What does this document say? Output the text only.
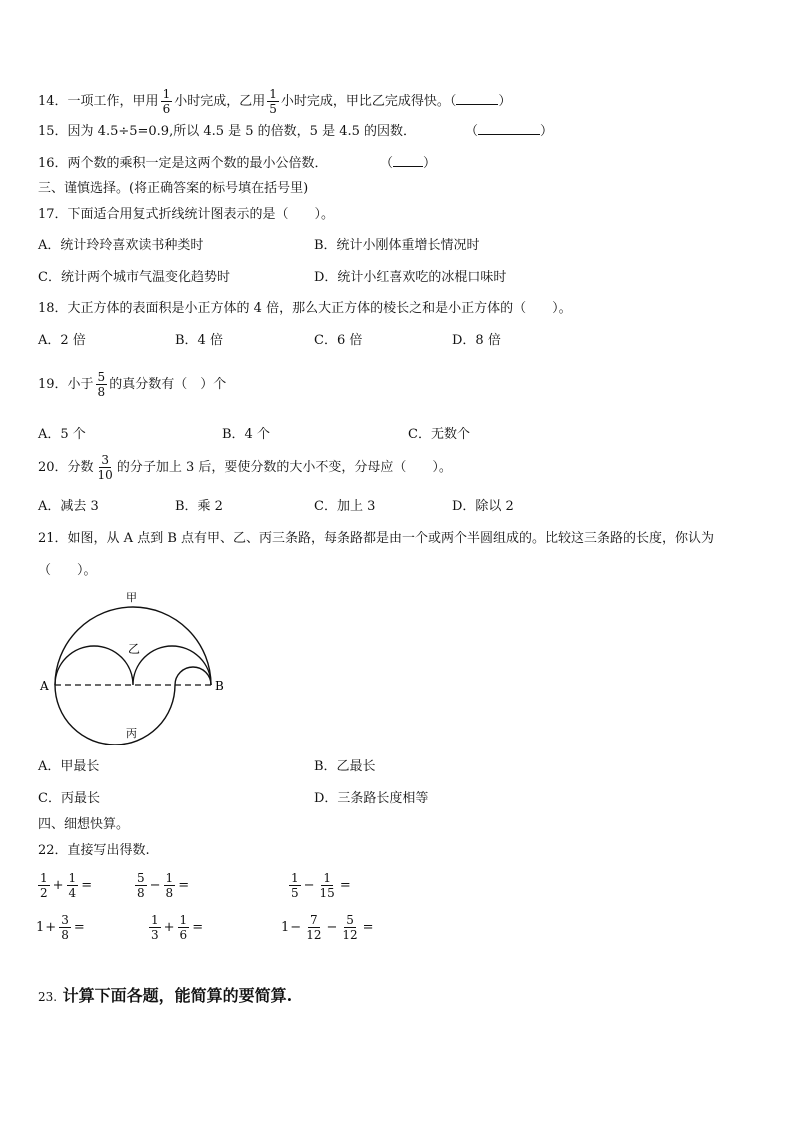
14．一项工作，甲用 $\frac{1}{6}$ 小时完成，乙用 $\frac{1}{5}$ 小时完成，甲比乙完成得快。（	）
15．因为 4.5÷5=0.9,所以 4.5 是 5 的倍数，5 是 4.5 的因数．	（	）
16．两个数的乘积一定是这两个数的最小公倍数．	（ ）
三、谨慎选择。(将正确答案的标号填在括号里)
17．下面适合用复式折线统计图表示的是（　　）。
A．统计玲玲喜欢读书种类时	B．统计小刚体重增长情况时
C．统计两个城市气温变化趋势时	D．统计小红喜欢吃的冰棍口味时
18．大正方体的表面积是小正方体的 4 倍，那么大正方体的棱长之和是小正方体的（　　）。
A．2 倍	B．4 倍	C．6 倍	D．8 倍
19．小于 $\frac{5}{8}$ 的真分数有（　）个
A．5 个	B．4 个	C．无数个
20．分数 $\frac{3}{10}$ 的分子加上 3 后，要使分数的大小不变，分母应（　　）。
A．减去 3	B．乘 2	C．加上 3	D．除以 2
21．如图，从 A 点到 B 点有甲、乙、丙三条路，每条路都是由一个或两个半圆组成的。比较这三条路的长度，你认为
（　　）。
甲
乙
丙
A	B
A．甲最长	B．乙最长
C．丙最长	D．三条路长度相等
四、细想快算。
22．直接写出得数.
$\frac{1}{2} + \frac{1}{4}$ =	$\frac{5}{8} - \frac{1}{8}$ =	$\frac{1}{5} - \frac{1}{15}$ =
$1 + \frac{3}{8}$ =	$\frac{1}{3} + \frac{1}{6}$ =	$1 - \frac{7}{12} - \frac{5}{12}$ =
23. 计算下面各题，能简算的要简算.
